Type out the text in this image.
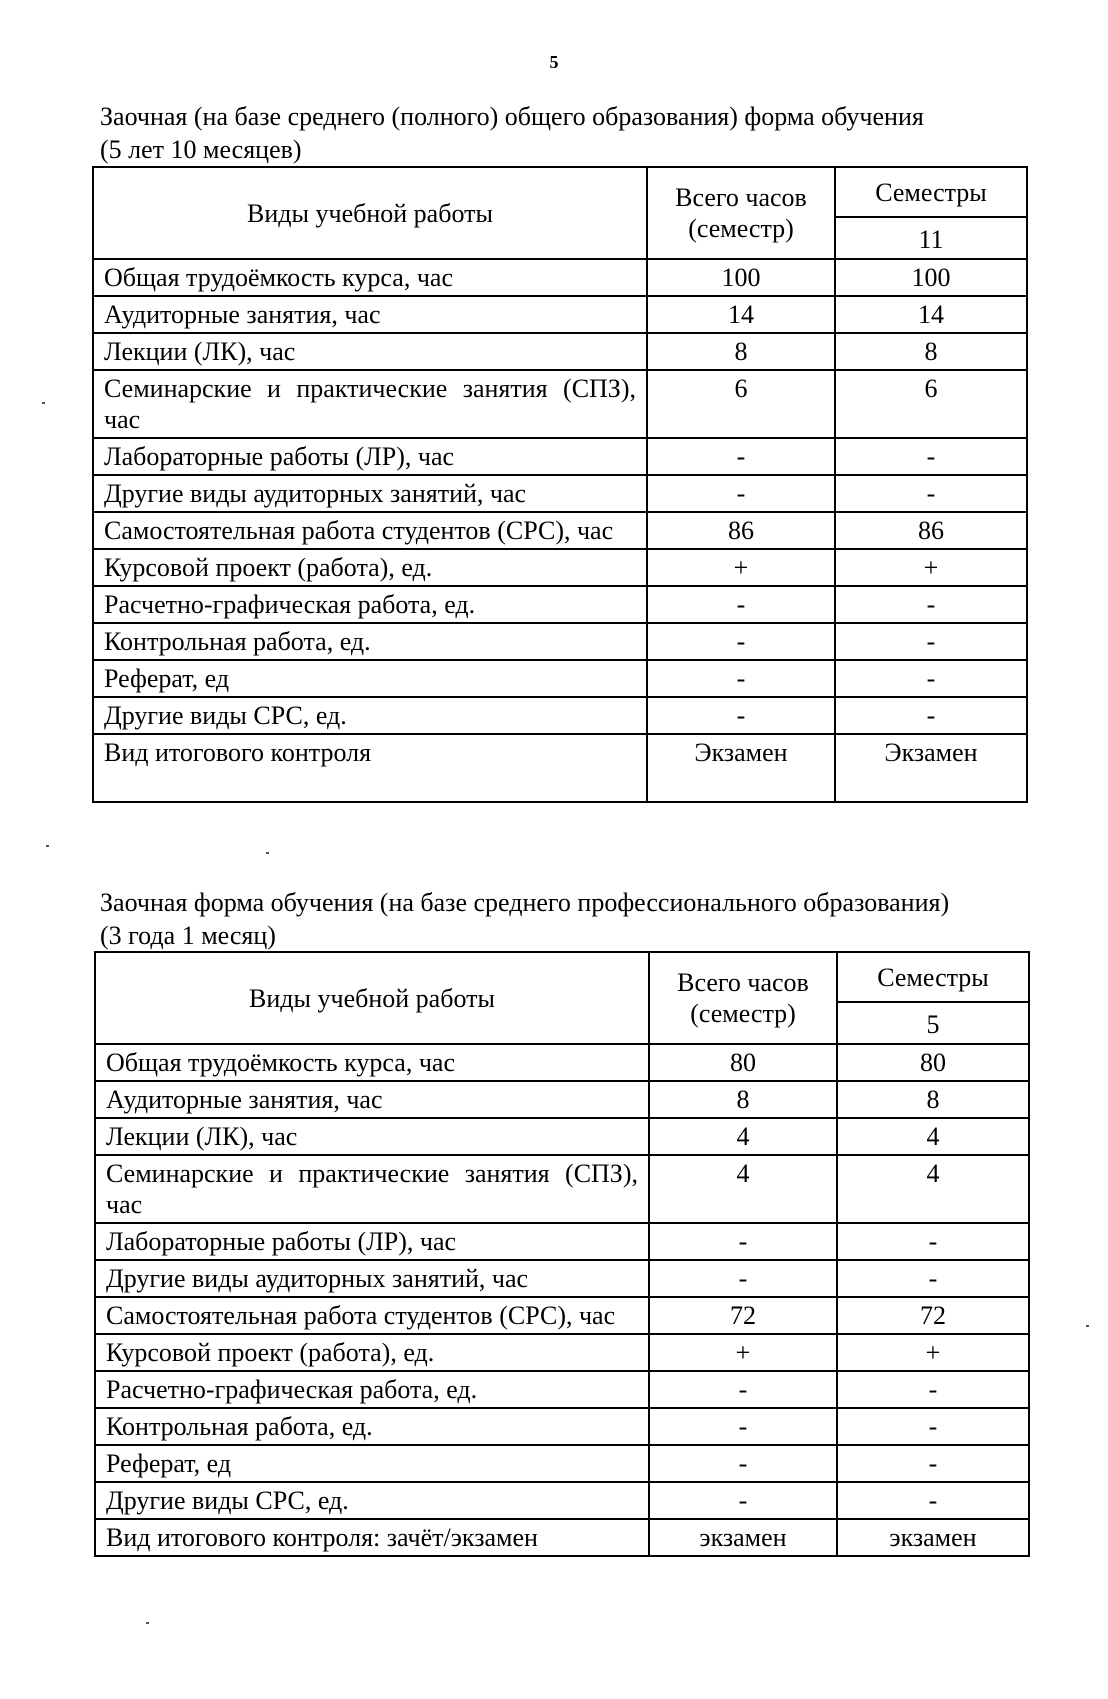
5
Заочная (на базе среднего (полного) общего образования) форма обучения
(5 лет 10 месяцев)
Виды учебной работы	Всего часов (семестр)	Семестры
		11
Общая трудоёмкость курса, час	100	100
Аудиторные занятия, час	14	14
Лекции (ЛК), час	8	8
Семинарские и практические занятия (СПЗ), час	6	6
Лабораторные работы (ЛР), час	-	-
Другие виды аудиторных занятий, час	-	-
Самостоятельная работа студентов (СРС), час	86	86
Курсовой проект (работа), ед.	+	+
Расчетно-графическая работа, ед.	-	-
Контрольная работа, ед.	-	-
Реферат, ед	-	-
Другие виды СРС, ед.	-	-
Вид итогового контроля	Экзамен	Экзамен
Заочная форма обучения (на базе среднего профессионального образования)
(3 года 1 месяц)
Виды учебной работы	Всего часов (семестр)	Семестры
		5
Общая трудоёмкость курса, час	80	80
Аудиторные занятия, час	8	8
Лекции (ЛК), час	4	4
Семинарские и практические занятия (СПЗ), час	4	4
Лабораторные работы (ЛР), час	-	-
Другие виды аудиторных занятий, час	-	-
Самостоятельная работа студентов (СРС), час	72	72
Курсовой проект (работа), ед.	+	+
Расчетно-графическая работа, ед.	-	-
Контрольная работа, ед.	-	-
Реферат, ед	-	-
Другие виды СРС, ед.	-	-
Вид итогового контроля: зачёт/экзамен	экзамен	экзамен
